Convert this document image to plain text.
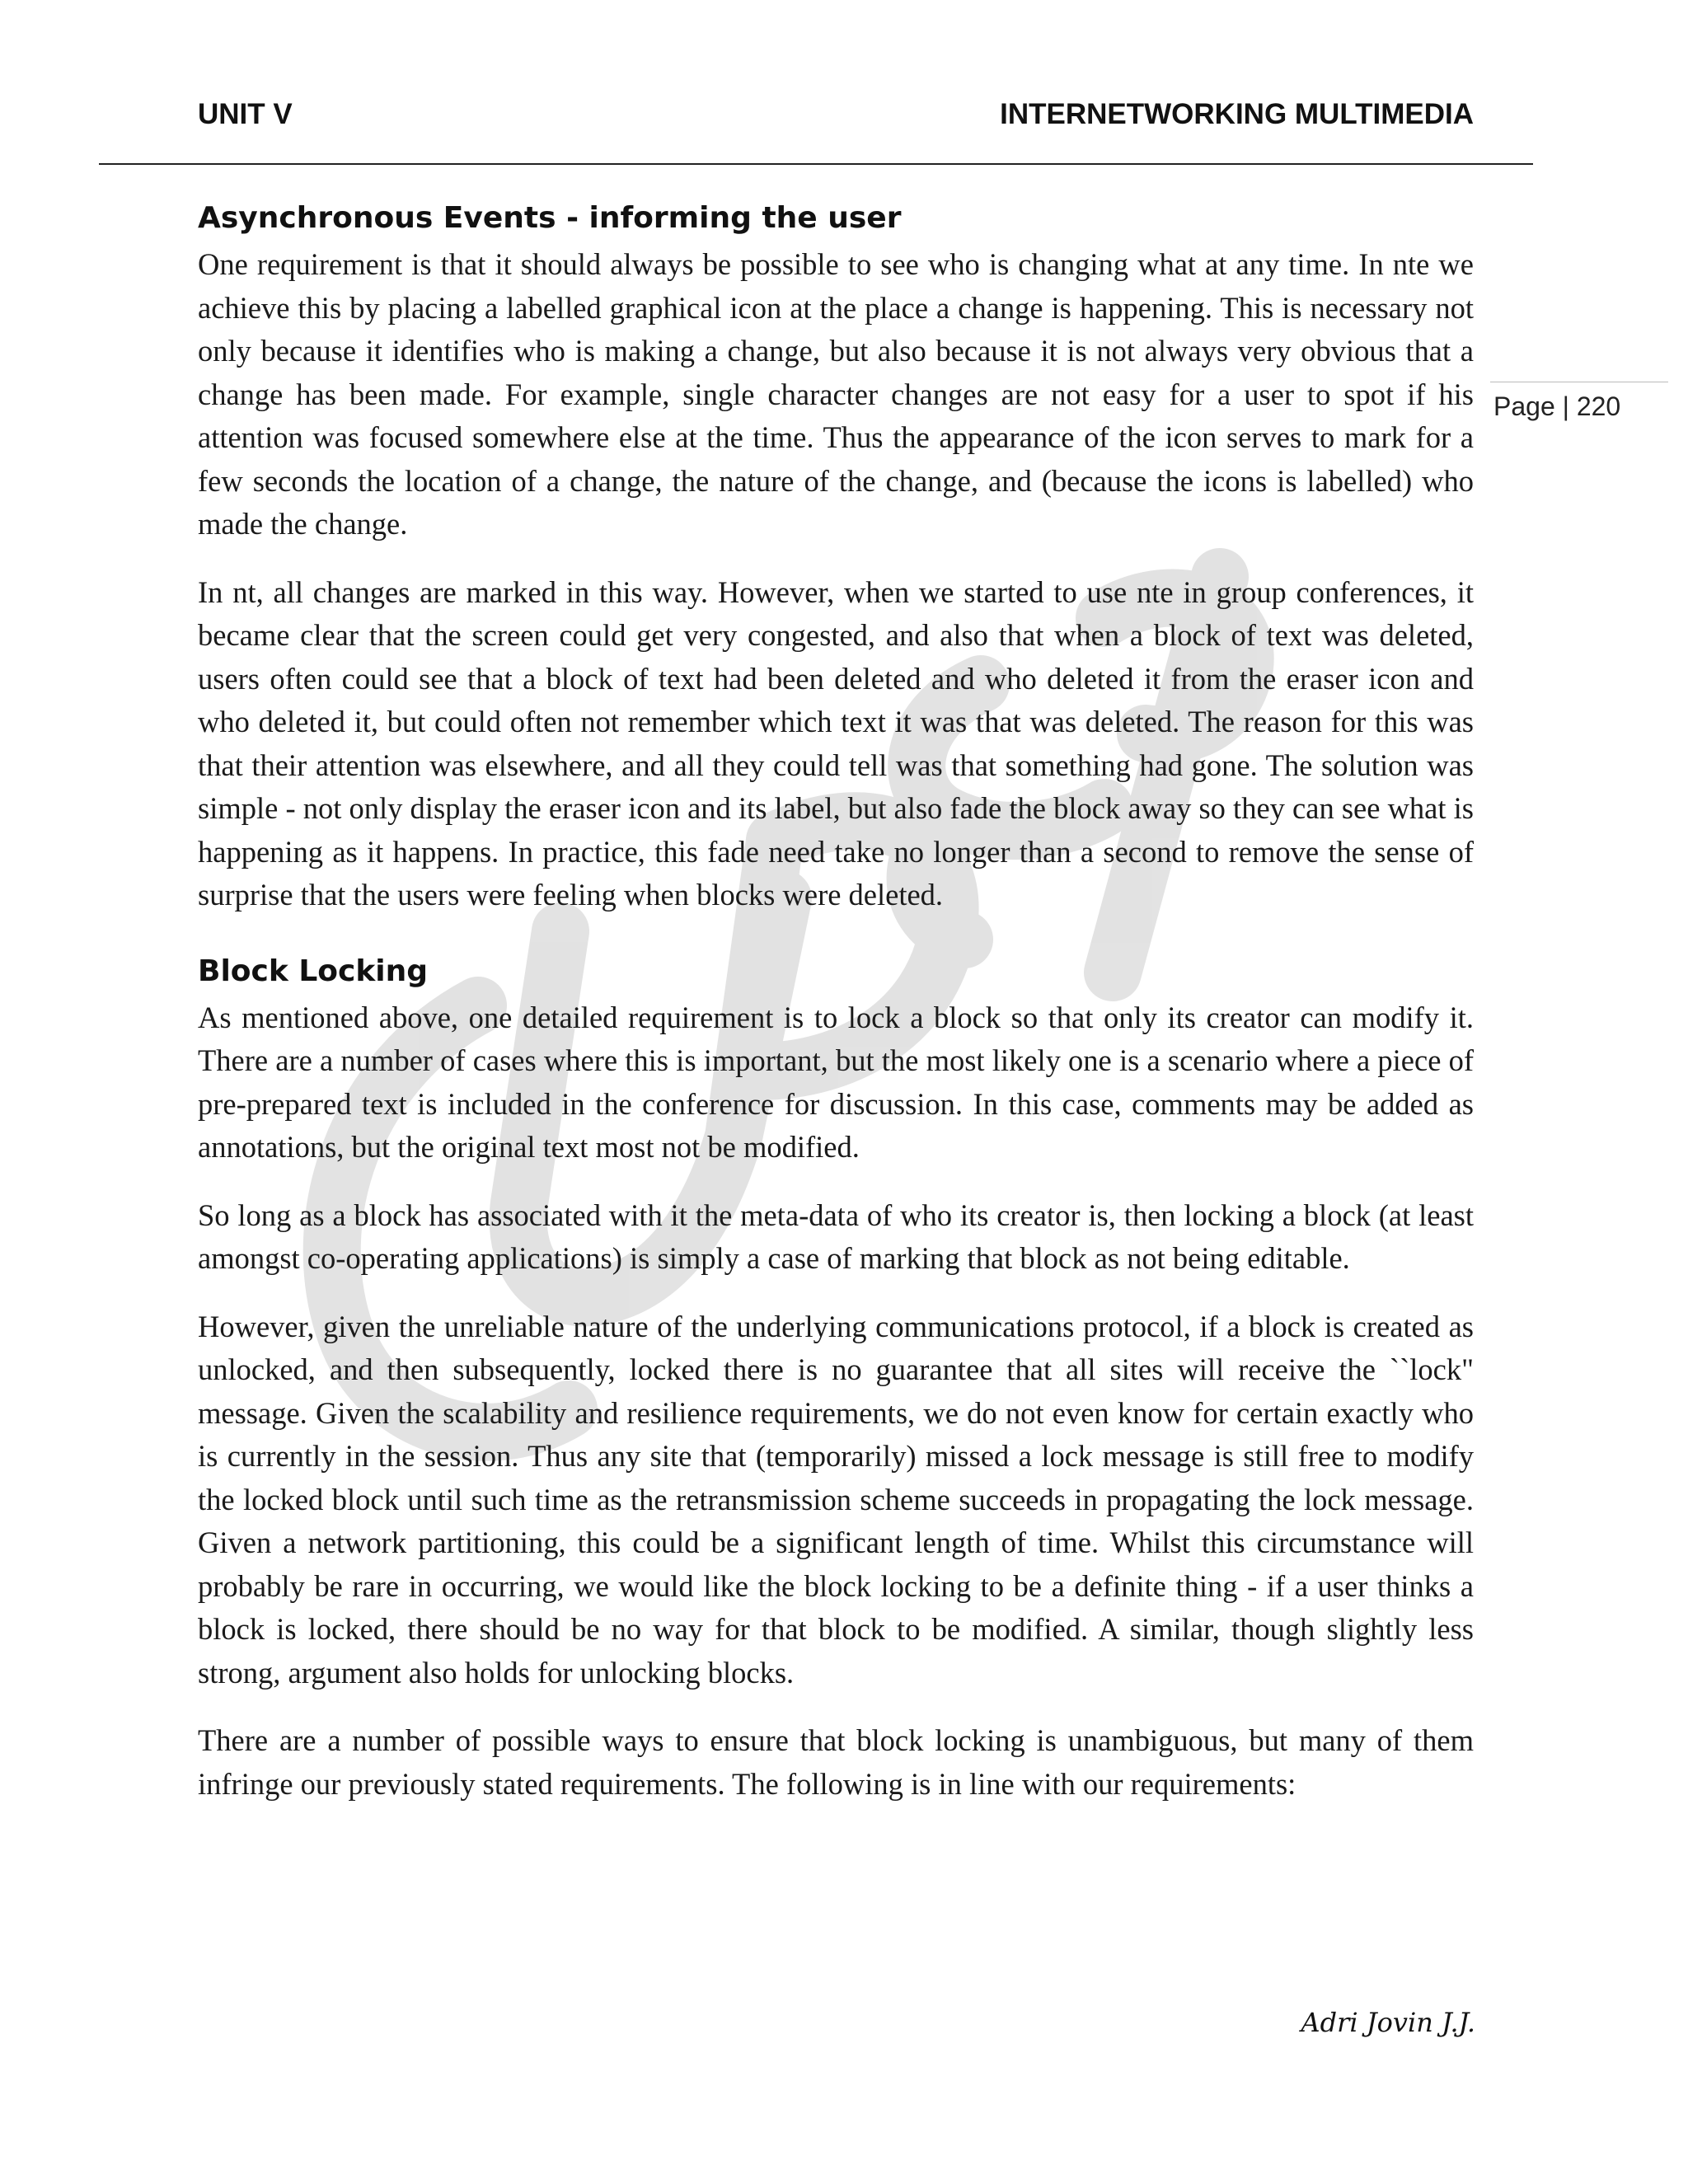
UNIT V	INTERNETWORKING MULTIMEDIA
Page | 220
Asynchronous Events - informing the user

One requirement is that it should always be possible to see who is changing what at any time. In nte we achieve this by placing a labelled graphical icon at the place a change is happening. This is necessary not only because it identifies who is making a change, but also because it is not always very obvious that a change has been made. For example, single character changes are not easy for a user to spot if his attention was focused somewhere else at the time. Thus the appearance of the icon serves to mark for a few seconds the location of a change, the nature of the change, and (because the icons is labelled) who made the change.

In nt, all changes are marked in this way. However, when we started to use nte in group conferences, it became clear that the screen could get very congested, and also that when a block of text was deleted, users often could see that a block of text had been deleted and who deleted it from the eraser icon and who deleted it, but could often not remember which text it was that was deleted. The reason for this was that their attention was elsewhere, and all they could tell was that something had gone. The solution was simple - not only display the eraser icon and its label, but also fade the block away so they can see what is happening as it happens. In practice, this fade need take no longer than a second to remove the sense of surprise that the users were feeling when blocks were deleted.

Block Locking

As mentioned above, one detailed requirement is to lock a block so that only its creator can modify it. There are a number of cases where this is important, but the most likely one is a scenario where a piece of pre-prepared text is included in the conference for discussion. In this case, comments may be added as annotations, but the original text most not be modified.

So long as a block has associated with it the meta-data of who its creator is, then locking a block (at least amongst co-operating applications) is simply a case of marking that block as not being editable.

However, given the unreliable nature of the underlying communications protocol, if a block is created as unlocked, and then subsequently, locked there is no guarantee that all sites will receive the ``lock" message. Given the scalability and resilience requirements, we do not even know for certain exactly who is currently in the session. Thus any site that (temporarily) missed a lock message is still free to modify the locked block until such time as the retransmission scheme succeeds in propagating the lock message. Given a network partitioning, this could be a significant length of time. Whilst this circumstance will probably be rare in occurring, we would like the block locking to be a definite thing - if a user thinks a block is locked, there should be no way for that block to be modified. A similar, though slightly less strong, argument also holds for unlocking blocks.

There are a number of possible ways to ensure that block locking is unambiguous, but many of them infringe our previously stated requirements. The following is in line with our requirements:

Adri Jovin J.J.
